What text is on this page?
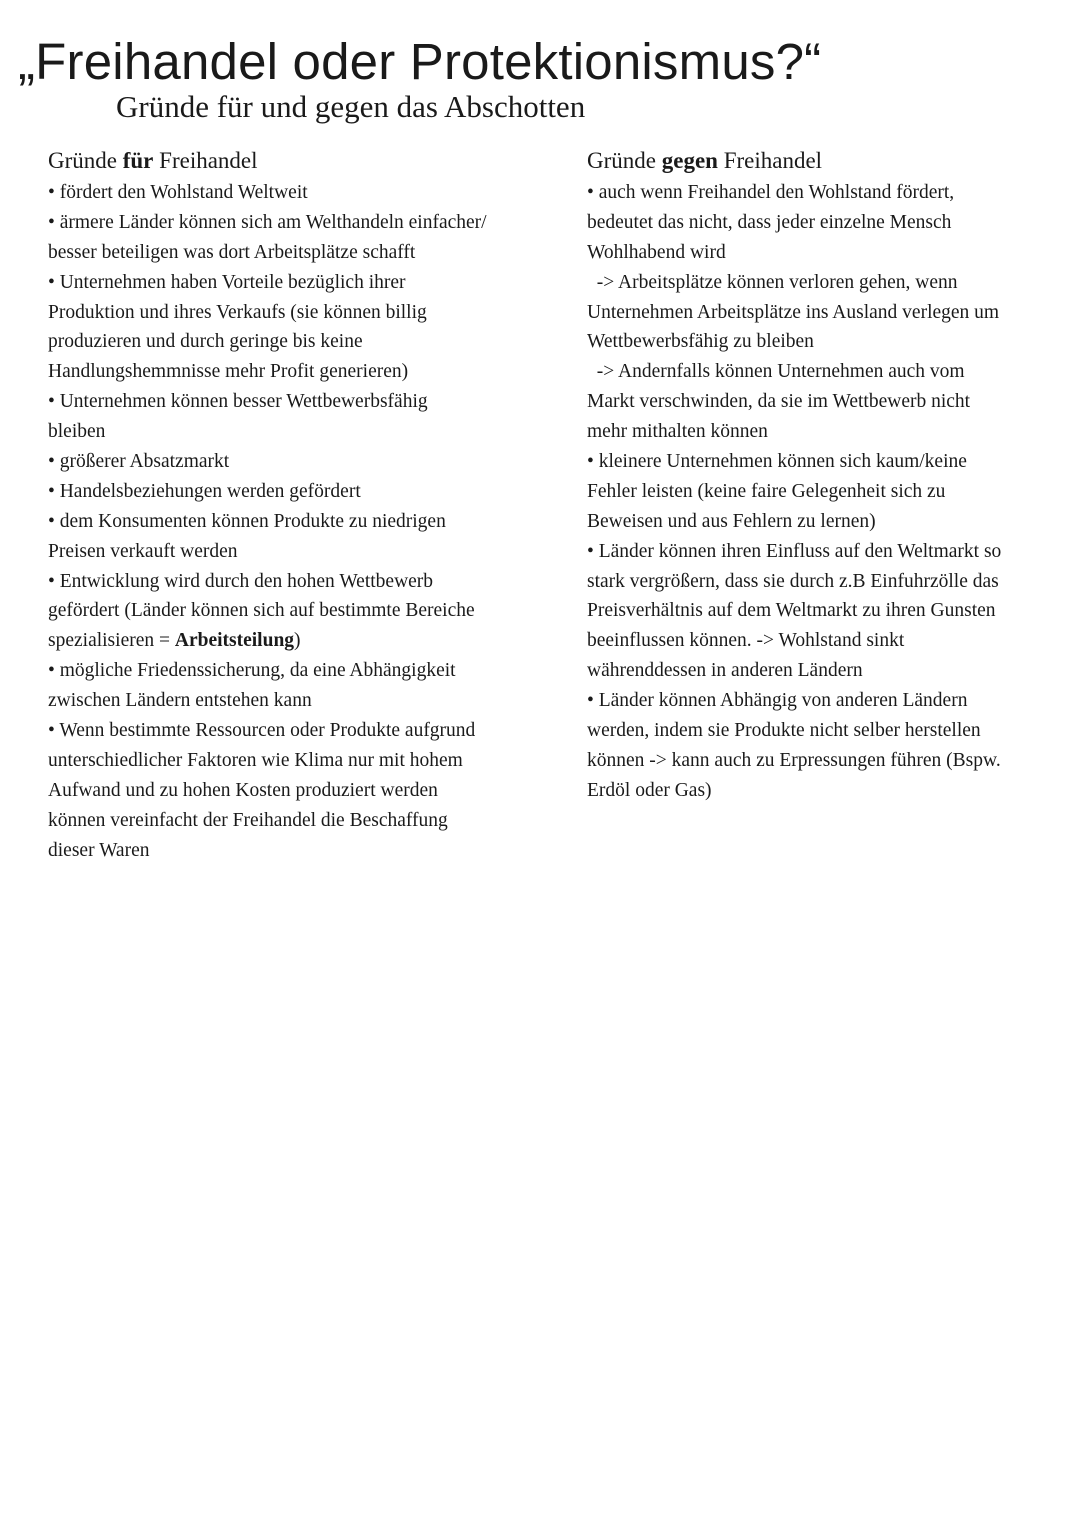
„Freihandel oder Protektionismus?“
Gründe für und gegen das Abschotten
Gründe für Freihandel
• fördert den Wohlstand Weltweit
• ärmere Länder können sich am Welthandeln einfacher/
besser beteiligen was dort Arbeitsplätze schafft
• Unternehmen haben Vorteile bezüglich ihrer
Produktion und ihres Verkaufs (sie können billig
produzieren und durch geringe bis keine
Handlungshemmnisse mehr Profit generieren)
• Unternehmen können besser Wettbewerbsfähig
bleiben
• größerer Absatzmarkt
• Handelsbeziehungen werden gefördert
• dem Konsumenten können Produkte zu niedrigen
Preisen verkauft werden
• Entwicklung wird durch den hohen Wettbewerb
gefördert (Länder können sich auf bestimmte Bereiche
spezialisieren = Arbeitsteilung)
• mögliche Friedenssicherung, da eine Abhängigkeit
zwischen Ländern entstehen kann
• Wenn bestimmte Ressourcen oder Produkte aufgrund
unterschiedlicher Faktoren wie Klima nur mit hohem
Aufwand und zu hohen Kosten produziert werden
können vereinfacht der Freihandel die Beschaffung
dieser Waren
Gründe gegen Freihandel
• auch wenn Freihandel den Wohlstand fördert,
bedeutet das nicht, dass jeder einzelne Mensch
Wohlhabend wird
-> Arbeitsplätze können verloren gehen, wenn
Unternehmen Arbeitsplätze ins Ausland verlegen um
Wettbewerbsfähig zu bleiben
-> Andernfalls können Unternehmen auch vom
Markt verschwinden, da sie im Wettbewerb nicht
mehr mithalten können
• kleinere Unternehmen können sich kaum/keine
Fehler leisten (keine faire Gelegenheit sich zu
Beweisen und aus Fehlern zu lernen)
• Länder können ihren Einfluss auf den Weltmarkt so
stark vergrößern, dass sie durch z.B Einfuhrzölle das
Preisverhältnis auf dem Weltmarkt zu ihren Gunsten
beeinflussen können. -> Wohlstand sinkt
währenddessen in anderen Ländern
• Länder können Abhängig von anderen Ländern
werden, indem sie Produkte nicht selber herstellen
können -> kann auch zu Erpressungen führen (Bspw.
Erdöl oder Gas)
